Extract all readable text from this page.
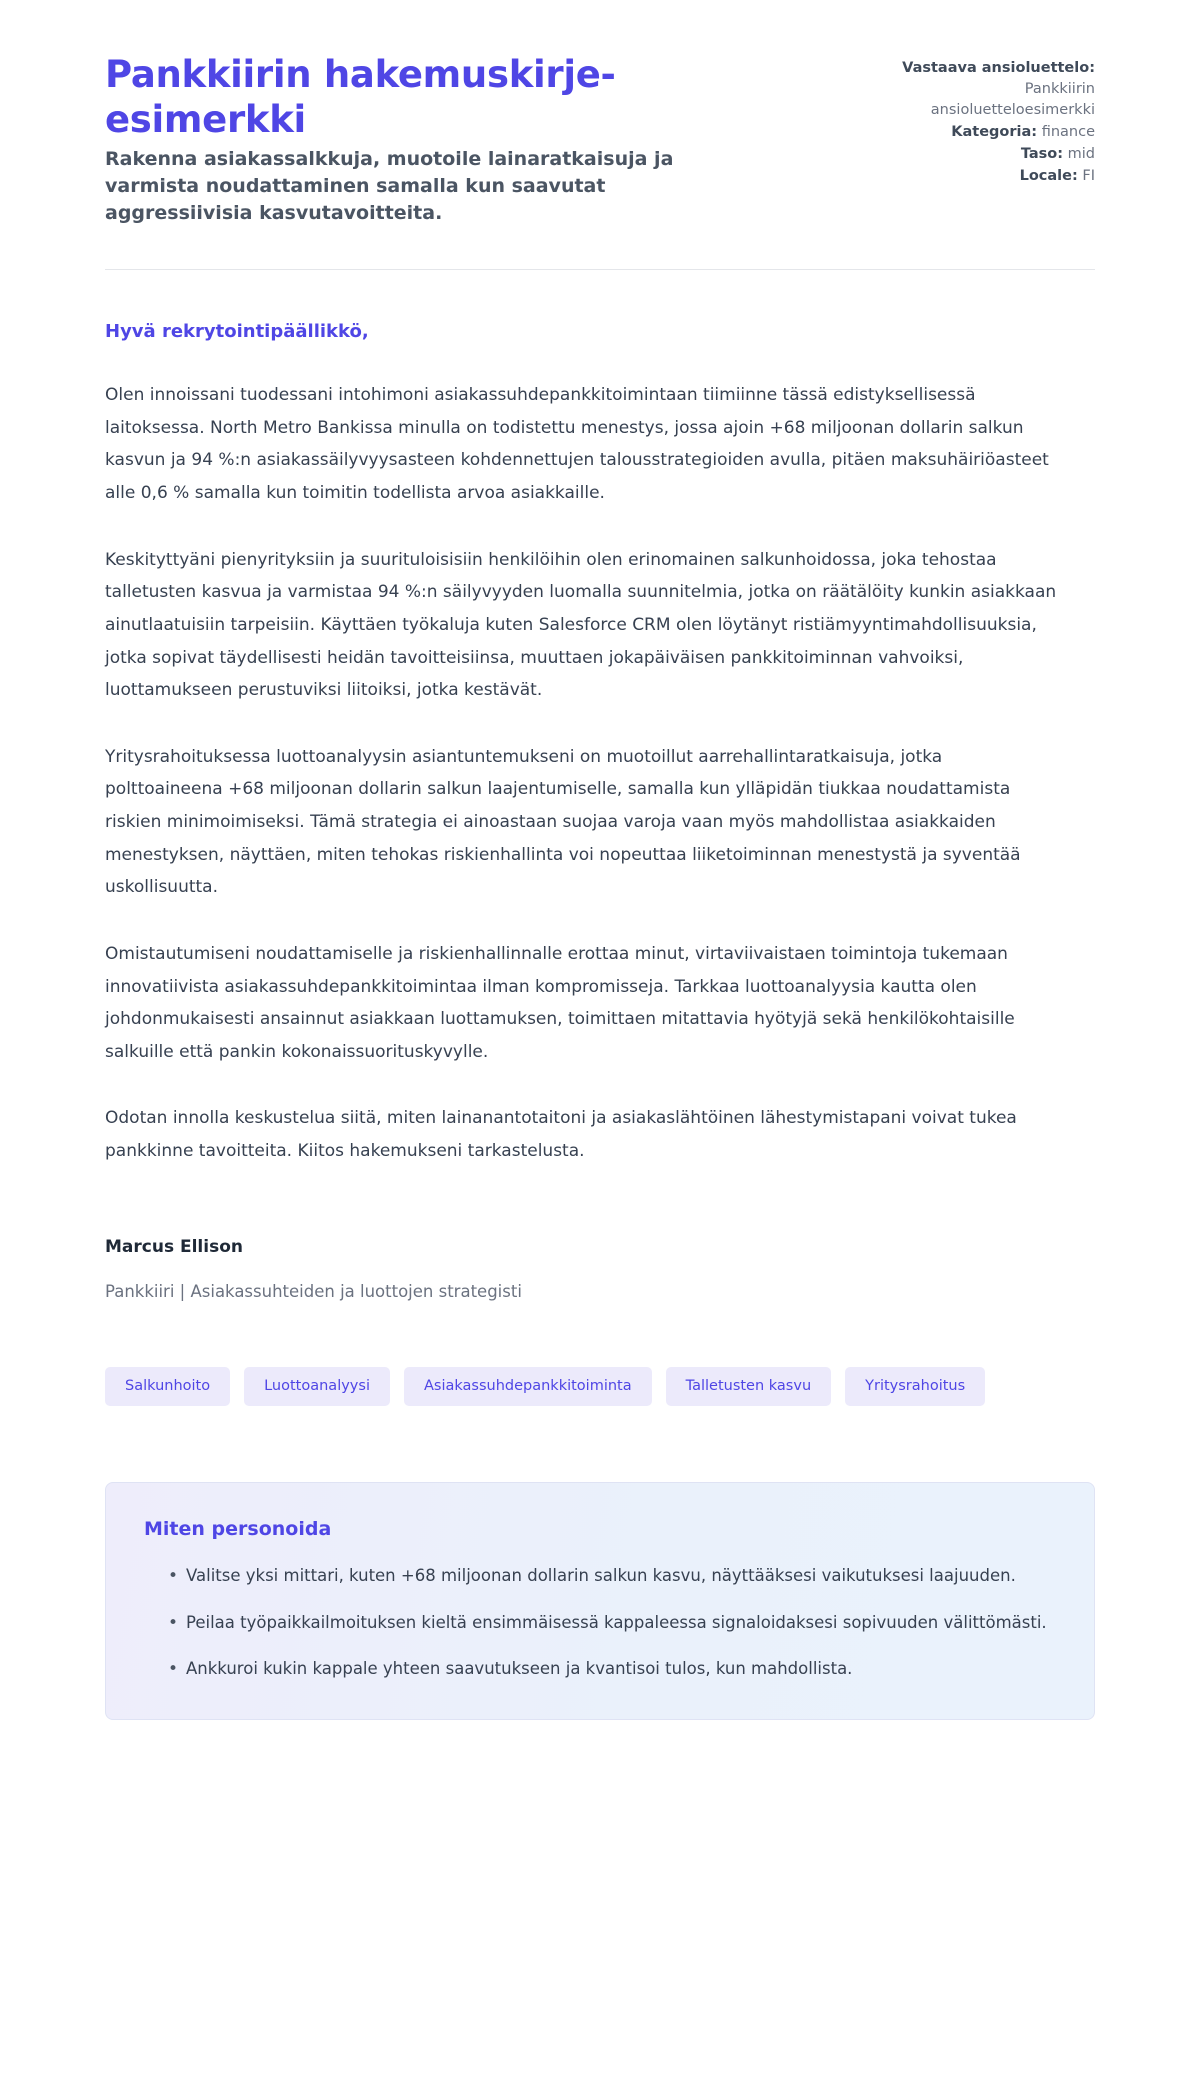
Pankkiirin hakemuskirje-esimerkki

Rakenna asiakassalkkuja, muotoile lainaratkaisuja ja varmista noudattaminen samalla kun saavutat aggressiivisia kasvutavoitteita.

Vastaava ansioluettelo:
Pankkiirin ansioluetteloesimerkki
Kategoria: finance
Taso: mid
Locale: FI

Hyvä rekrytointipäällikkö,

Olen innoissani tuodessani intohimoni asiakassuhdepankkitoimintaan tiimiinne tässä edistyksellisessä laitoksessa. North Metro Bankissa minulla on todistettu menestys, jossa ajoin +68 miljoonan dollarin salkun kasvun ja 94 %:n asiakassäilyvyysasteen kohdennettujen talousstrategioiden avulla, pitäen maksuhäiriöasteet alle 0,6 % samalla kun toimitin todellista arvoa asiakkaille.

Keskityttyäni pienyrityksiin ja suurituloisisiin henkilöihin olen erinomainen salkunhoidossa, joka tehostaa talletusten kasvua ja varmistaa 94 %:n säilyvyyden luomalla suunnitelmia, jotka on räätälöity kunkin asiakkaan ainutlaatuisiin tarpeisiin. Käyttäen työkaluja kuten Salesforce CRM olen löytänyt ristiämyyntimahdollisuuksia, jotka sopivat täydellisesti heidän tavoitteisiinsa, muuttaen jokapäiväisen pankkitoiminnan vahvoiksi, luottamukseen perustuviksi liitoiksi, jotka kestävät.

Yritysrahoituksessa luottoanalyysin asiantuntemukseni on muotoillut aarrehallintaratkaisuja, jotka polttoaineena +68 miljoonan dollarin salkun laajentumiselle, samalla kun ylläpidän tiukkaa noudattamista riskien minimoimiseksi. Tämä strategia ei ainoastaan suojaa varoja vaan myös mahdollistaa asiakkaiden menestyksen, näyttäen, miten tehokas riskienhallinta voi nopeuttaa liiketoiminnan menestystä ja syventää uskollisuutta.

Omistautumiseni noudattamiselle ja riskienhallinnalle erottaa minut, virtaviivaistaen toimintoja tukemaan innovatiivista asiakassuhdepankkitoimintaa ilman kompromisseja. Tarkkaa luottoanalyysia kautta olen johdonmukaisesti ansainnut asiakkaan luottamuksen, toimittaen mitattavia hyötyjä sekä henkilökohtaisille salkuille että pankin kokonaissuorituskyvylle.

Odotan innolla keskustelua siitä, miten lainanantotaitoni ja asiakaslähtöinen lähestymistapani voivat tukea pankkinne tavoitteita. Kiitos hakemukseni tarkastelusta.

Marcus Ellison

Pankkiiri | Asiakassuhteiden ja luottojen strategisti

Salkunhoito	Luottoanalyysi	Asiakassuhdepankkitoiminta	Talletusten kasvu	Yritysrahoitus

Miten personoida

• Valitse yksi mittari, kuten +68 miljoonan dollarin salkun kasvu, näyttääksesi vaikutuksesi laajuuden.
• Peilaa työpaikkailmoituksen kieltä ensimmäisessä kappaleessa signaloidaksesi sopivuuden välittömästi.
• Ankkuroi kukin kappale yhteen saavutukseen ja kvantisoi tulos, kun mahdollista.
